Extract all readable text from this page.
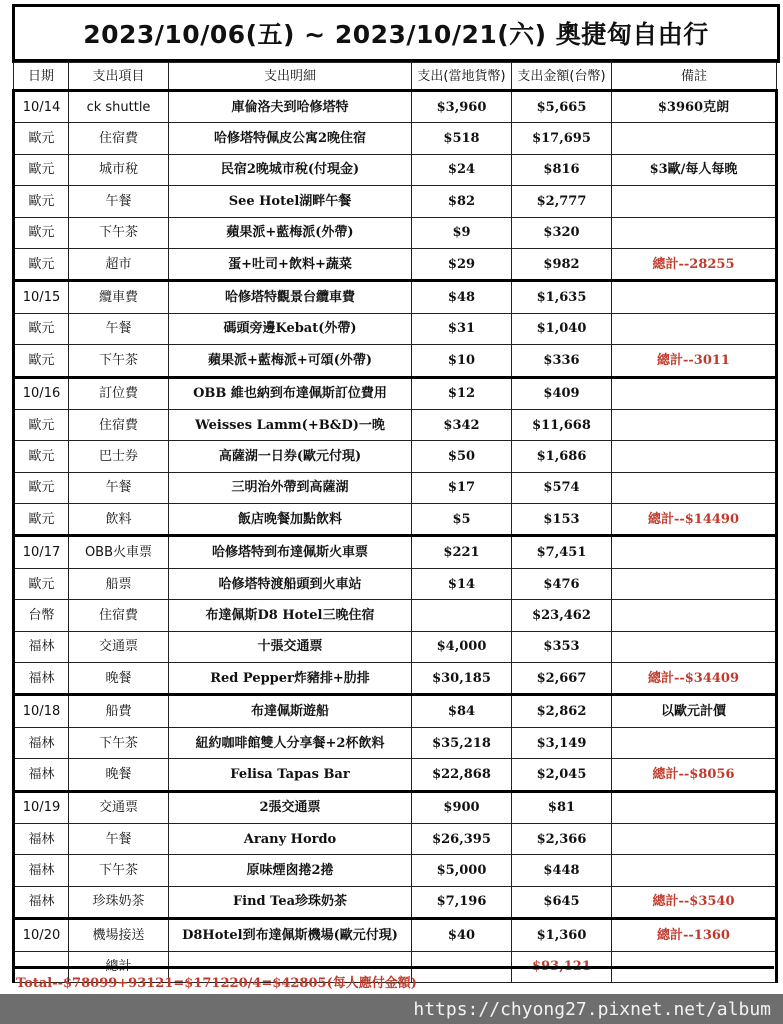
2023/10/06(五) ~ 2023/10/21(六) 奧捷匈自由行
日期	支出項目	支出明細	支出(當地貨幣)	支出金額(台幣)	備註
10/14	ck shuttle	庫倫洛夫到哈修塔特	$3,960	$5,665	$3960克朗
歐元	住宿費	哈修塔特佩皮公寓2晚住宿	$518	$17,695	
歐元	城市稅	民宿2晚城市稅(付現金)	$24	$816	$3歐/每人每晚
歐元	午餐	See Hotel湖畔午餐	$82	$2,777	
歐元	下午茶	蘋果派+藍梅派(外帶)	$9	$320	
歐元	超市	蛋+吐司+飲料+蔬菜	$29	$982	總計--28255
10/15	纜車費	哈修塔特觀景台纜車費	$48	$1,635	
歐元	午餐	碼頭旁邊Kebat(外帶)	$31	$1,040	
歐元	下午茶	蘋果派+藍梅派+可頌(外帶)	$10	$336	總計--3011
10/16	訂位費	OBB 維也納到布達佩斯訂位費用	$12	$409	
歐元	住宿費	Weisses Lamm(+B&D)一晚	$342	$11,668	
歐元	巴士券	高薩湖一日券(歐元付現)	$50	$1,686	
歐元	午餐	三明治外帶到高薩湖	$17	$574	
歐元	飲料	飯店晚餐加點飲料	$5	$153	總計--$14490
10/17	OBB火車票	哈修塔特到布達佩斯火車票	$221	$7,451	
歐元	船票	哈修塔特渡船頭到火車站	$14	$476	
台幣	住宿費	布達佩斯D8 Hotel三晚住宿		$23,462	
福林	交通票	十張交通票	$4,000	$353	
福林	晚餐	Red Pepper炸豬排+肋排	$30,185	$2,667	總計--$34409
10/18	船費	布達佩斯遊船	$84	$2,862	以歐元計價
福林	下午茶	紐約咖啡館雙人分享餐+2杯飲料	$35,218	$3,149	
福林	晚餐	Felisa Tapas Bar	$22,868	$2,045	總計--$8056
10/19	交通票	2張交通票	$900	$81	
福林	午餐	Arany Hordo	$26,395	$2,366	
福林	下午茶	原味煙囪捲2捲	$5,000	$448	
福林	珍珠奶茶	Find Tea珍珠奶茶	$7,196	$645	總計--$3540
10/20	機場接送	D8Hotel到布達佩斯機場(歐元付現)	$40	$1,360	總計--1360
	總計			$93,121	
Total--$78099+93121=$171220/4=$42805(每人應付金額)
https://chyong27.pixnet.net/album
